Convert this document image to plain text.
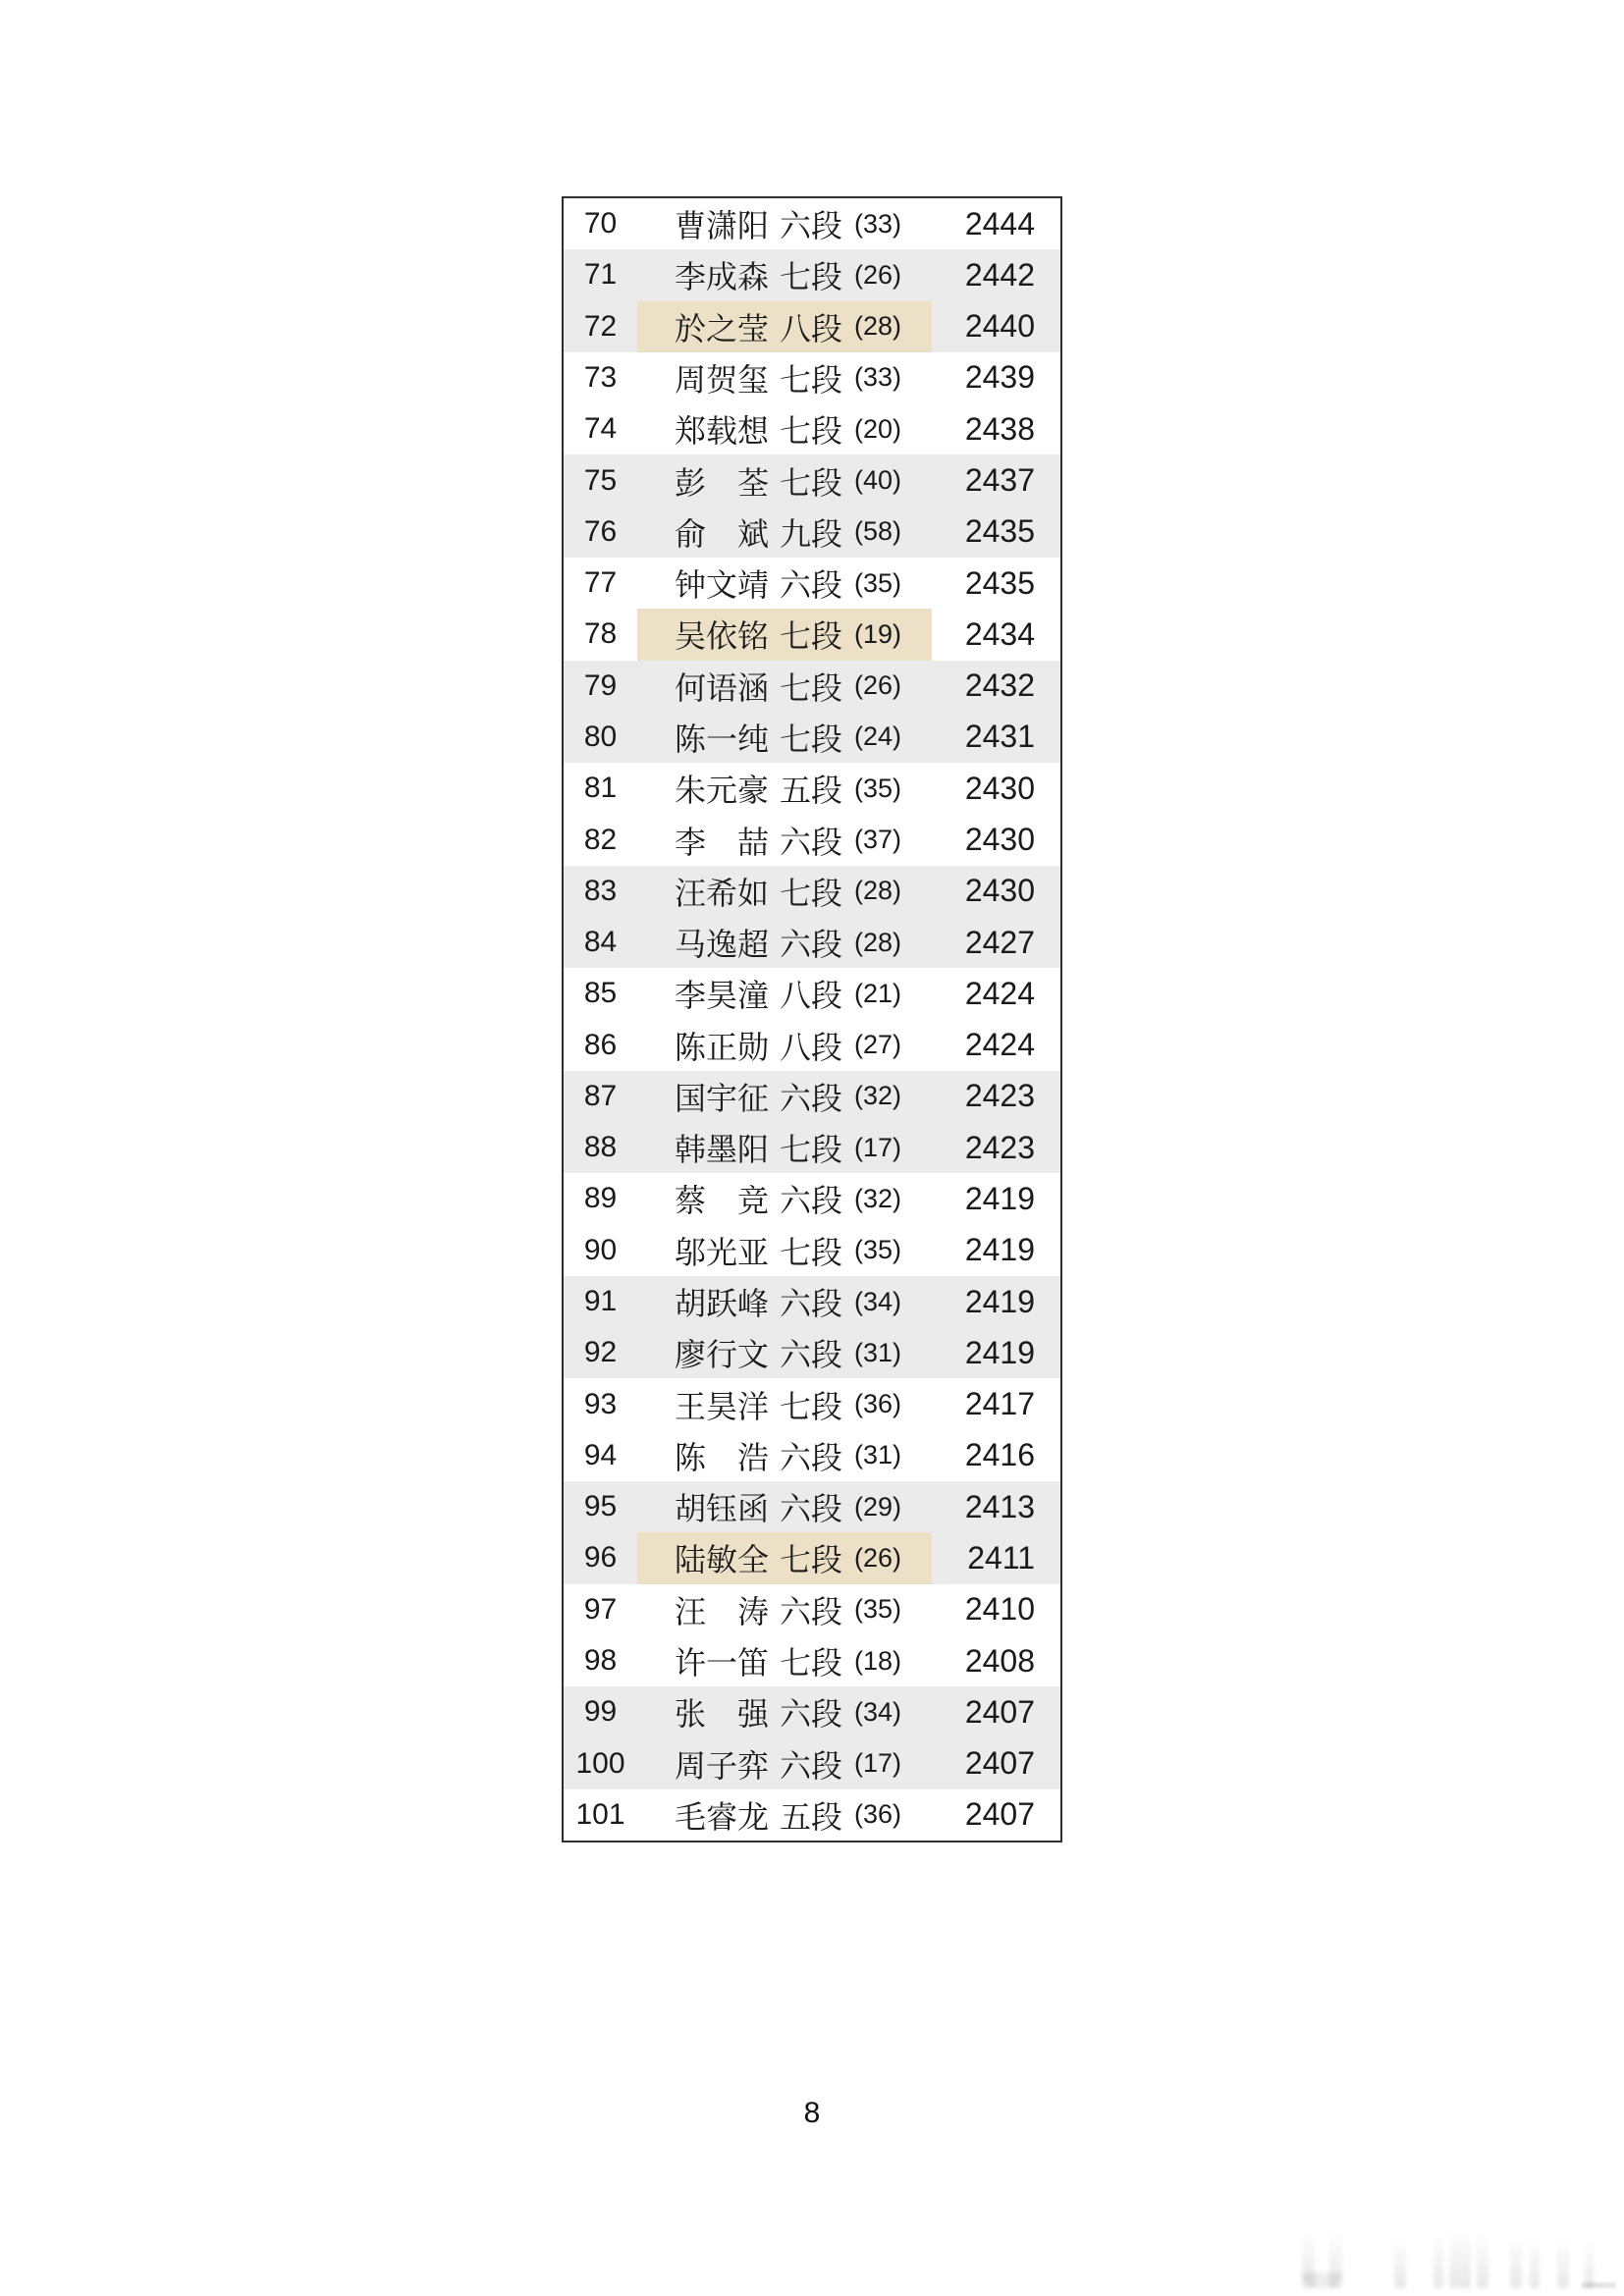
70	曹潇阳 六段 (33)	2444
71	李成森 七段 (26)	2442
72	於之莹 八段 (28)	2440
73	周贺玺 七段 (33)	2439
74	郑载想 七段 (20)	2438
75	彭　荃 七段 (40)	2437
76	俞　斌 九段 (58)	2435
77	钟文靖 六段 (35)	2435
78	吴依铭 七段 (19)	2434
79	何语涵 七段 (26)	2432
80	陈一纯 七段 (24)	2431
81	朱元豪 五段 (35)	2430
82	李　喆 六段 (37)	2430
83	汪希如 七段 (28)	2430
84	马逸超 六段 (28)	2427
85	李昊潼 八段 (21)	2424
86	陈正勋 八段 (27)	2424
87	国宇征 六段 (32)	2423
88	韩墨阳 七段 (17)	2423
89	蔡　竞 六段 (32)	2419
90	邬光亚 七段 (35)	2419
91	胡跃峰 六段 (34)	2419
92	廖行文 六段 (31)	2419
93	王昊洋 七段 (36)	2417
94	陈　浩 六段 (31)	2416
95	胡钰函 六段 (29)	2413
96	陆敏全 七段 (26)	2411
97	汪　涛 六段 (35)	2410
98	许一笛 七段 (18)	2408
99	张　强 六段 (34)	2407
100	周子弈 六段 (17)	2407
101	毛睿龙 五段 (36)	2407
8
